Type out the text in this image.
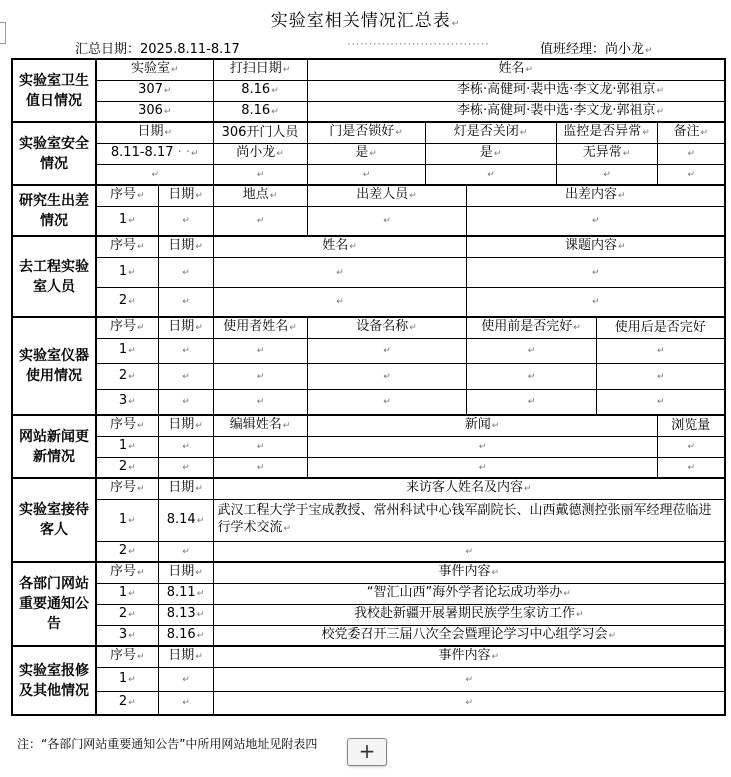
实验室相关情况汇总表 ↵
汇总日期：2025.8.11-8.17	·································	值班经理：尚小龙 ↵
实验室卫生值日情况	实验室 ↵		打扫日期 ↵	姓名 ↵
	307 ↵		8.16 ↵	李栋·高健珂·裴中选·李文龙·郭祖京 ↵
	306 ↵		8.16 ↵	李栋·高健珂·裴中选·李文龙·郭祖京 ↵
实验室安全情况	日期 ↵		306开门人员	门是否锁好 ↵	灯是否关闭 ↵		监控是否异常 ↵		备注 ↵
	8.11-8.17 · · ↵		尚小龙 ↵	是 ↵	是 ↵		无异常 ↵	↵
↵	↵	↵	↵	↵	↵
研究生出差情况	序号 ↵	日期 ↵	地点 ↵	出差人员 ↵		出差内容 ↵
	1 ↵	↵	↵	↵	↵
去工程实验室人员	序号 ↵	日期 ↵	姓名 ↵			课题内容 ↵
	1 ↵	↵	↵	↵
	2 ↵	↵	↵	↵
实验室仪器使用情况	序号 ↵	日期 ↵	使用者姓名 ↵	设备名称 ↵		使用前是否完好 ↵		使用后是否完好	
	1 ↵	↵	↵	↵	↵	↵
	2 ↵	↵	↵	↵	↵	↵
	3 ↵	↵	↵	↵	↵	↵
网站新闻更新情况	序号 ↵	日期 ↵	编辑姓名 ↵	新闻 ↵					浏览量
	1 ↵	↵	↵	↵	↵
	2 ↵	↵	↵	↵	↵
实验室接待客人	序号 ↵	日期 ↵	来访客人姓名及内容 ↵
	1 ↵	8.14 ↵	武汉工程大学于宝成教授、常州科试中心钱军副院长、山西戴德测控张丽军经理莅临进行学术交流 ↵
	2 ↵	↵	↵
各部门网站重要通知公告	序号 ↵	日期 ↵	事件内容 ↵
	1 ↵	8.11 ↵	“智汇山西”海外学者论坛成功举办 ↵
	2 ↵	8.13 ↵	我校赴新疆开展暑期民族学生家访工作 ↵
	3 ↵	8.16 ↵	校党委召开三届八次全会暨理论学习中心组学习会 ↵
实验室报修及其他情况	序号 ↵	日期 ↵	事件内容 ↵
	1 ↵	↵	↵
	2 ↵	↵	↵
注：“各部门网站重要通知公告”中所用网站地址见附表四	+
